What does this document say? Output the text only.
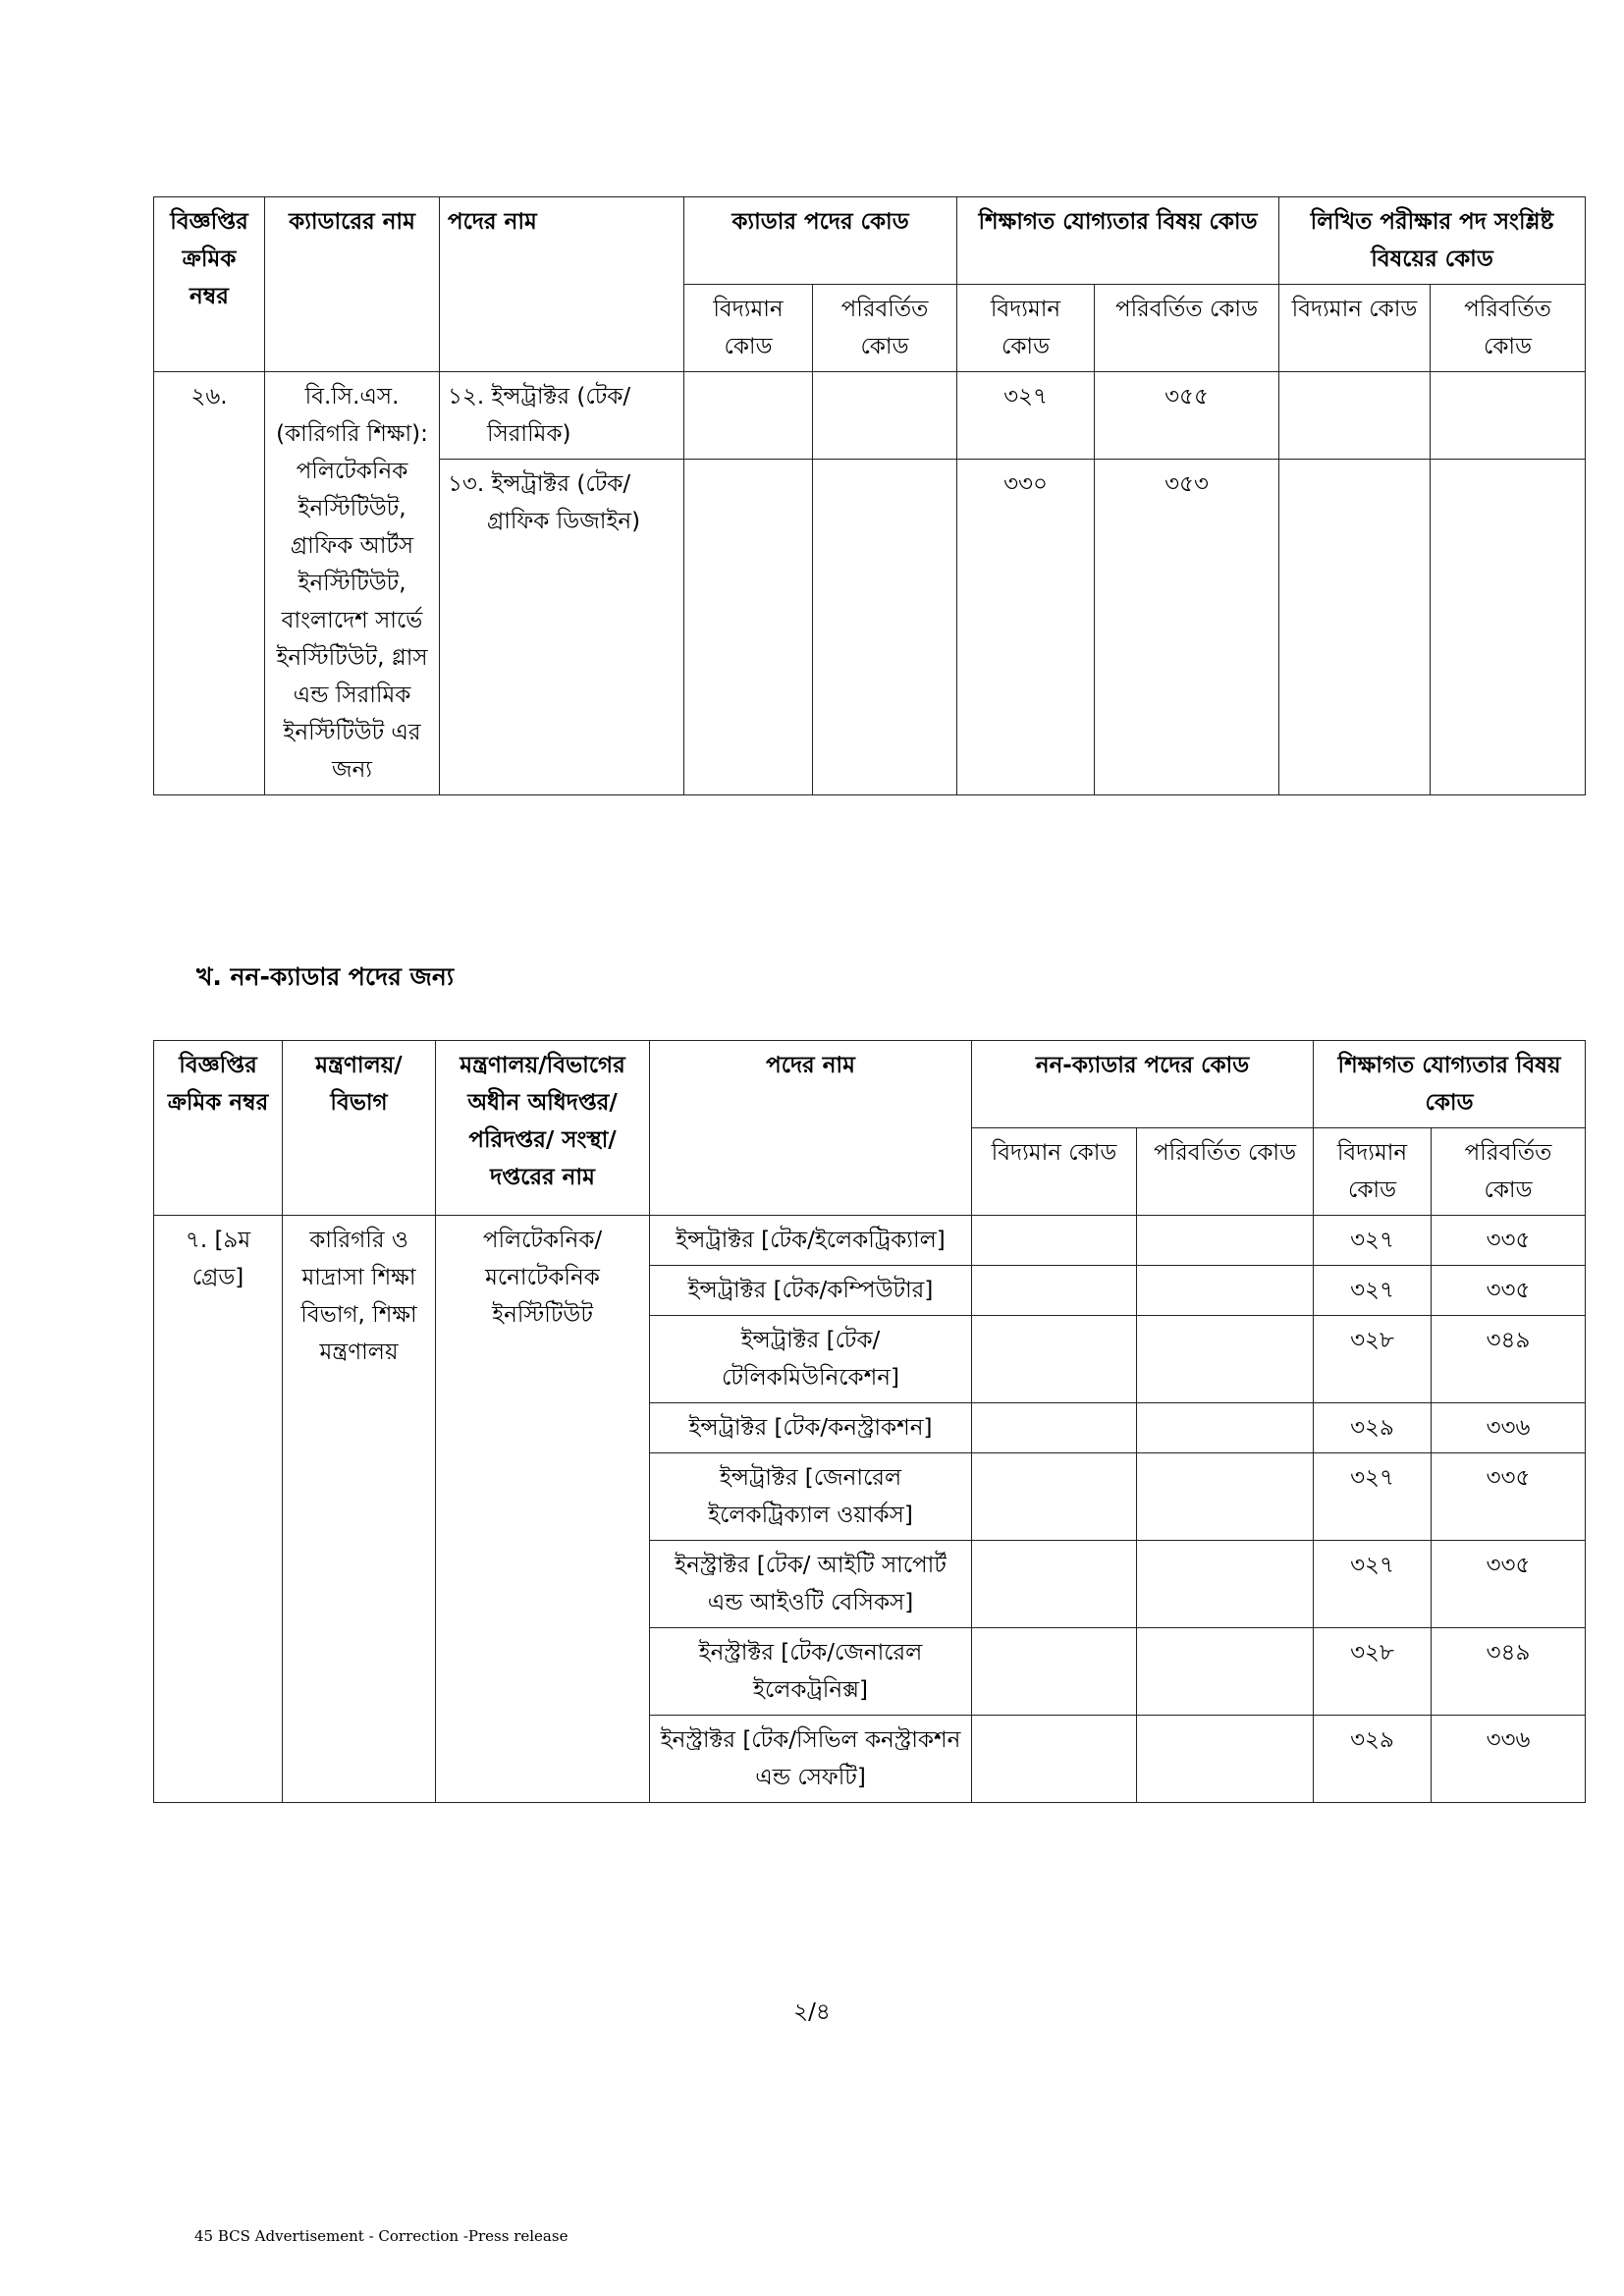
বিজ্ঞপ্তির ক্রমিক নম্বর	ক্যাডারের নাম	পদের নাম	ক্যাডার পদের কোড		শিক্ষাগত যোগ্যতার বিষয় কোড		লিখিত পরীক্ষার পদ সংশ্লিষ্ট বিষয়ের কোড	
			বিদ্যমান কোড	পরিবর্তিত কোড	বিদ্যমান কোড	পরিবর্তিত কোড	বিদ্যমান কোড	পরিবর্তিত কোড
২৬.	বি.সি.এস. (কারিগরি শিক্ষা): পলিটেকনিক ইনস্টিটিউট, গ্রাফিক আর্টস ইনস্টিটিউট, বাংলাদেশ সার্ভে ইনস্টিটিউট, গ্লাস এন্ড সিরামিক ইনস্টিটিউট এর জন্য	১২. ইন্সট্রাক্টর (টেক/সিরামিক)			৩২৭	৩৫৫		
		১৩. ইন্সট্রাক্টর (টেক/গ্রাফিক ডিজাইন)			৩৩০	৩৫৩		
খ. নন-ক্যাডার পদের জন্য
বিজ্ঞপ্তির ক্রমিক নম্বর	মন্ত্রণালয়/ বিভাগ	মন্ত্রণালয়/বিভাগের অধীন অধিদপ্তর/পরিদপ্তর/ সংস্থা/দপ্তরের নাম	পদের নাম	নন-ক্যাডার পদের কোড		শিক্ষাগত যোগ্যতার বিষয় কোড	
				বিদ্যমান কোড	পরিবর্তিত কোড	বিদ্যমান কোড	পরিবর্তিত কোড
৭. [৯ম গ্রেড]	কারিগরি ও মাদ্রাসা শিক্ষা বিভাগ, শিক্ষা মন্ত্রণালয়	পলিটেকনিক/ মনোটেকনিক ইনস্টিটিউট	ইন্সট্রাক্টর [টেক/ইলেকট্রিক্যাল]			৩২৭	৩৩৫
			ইন্সট্রাক্টর [টেক/কম্পিউটার]			৩২৭	৩৩৫
			ইন্সট্রাক্টর [টেক/টেলিকমিউনিকেশন]			৩২৮	৩৪৯
			ইন্সট্রাক্টর [টেক/কনস্ট্রাকশন]			৩২৯	৩৩৬
			ইন্সট্রাক্টর [জেনারেল ইলেকট্রিক্যাল ওয়ার্কস]			৩২৭	৩৩৫
			ইনস্ট্রাক্টর [টেক/ আইটি সাপোর্ট এন্ড আইওটি বেসিকস]			৩২৭	৩৩৫
			ইনস্ট্রাক্টর [টেক/জেনারেল ইলেকট্রনিক্স]			৩২৮	৩৪৯
			ইনস্ট্রাক্টর [টেক/সিভিল কনস্ট্রাকশন এন্ড সেফটি]			৩২৯	৩৩৬
২/৪
45 BCS Advertisement - Correction -Press release
